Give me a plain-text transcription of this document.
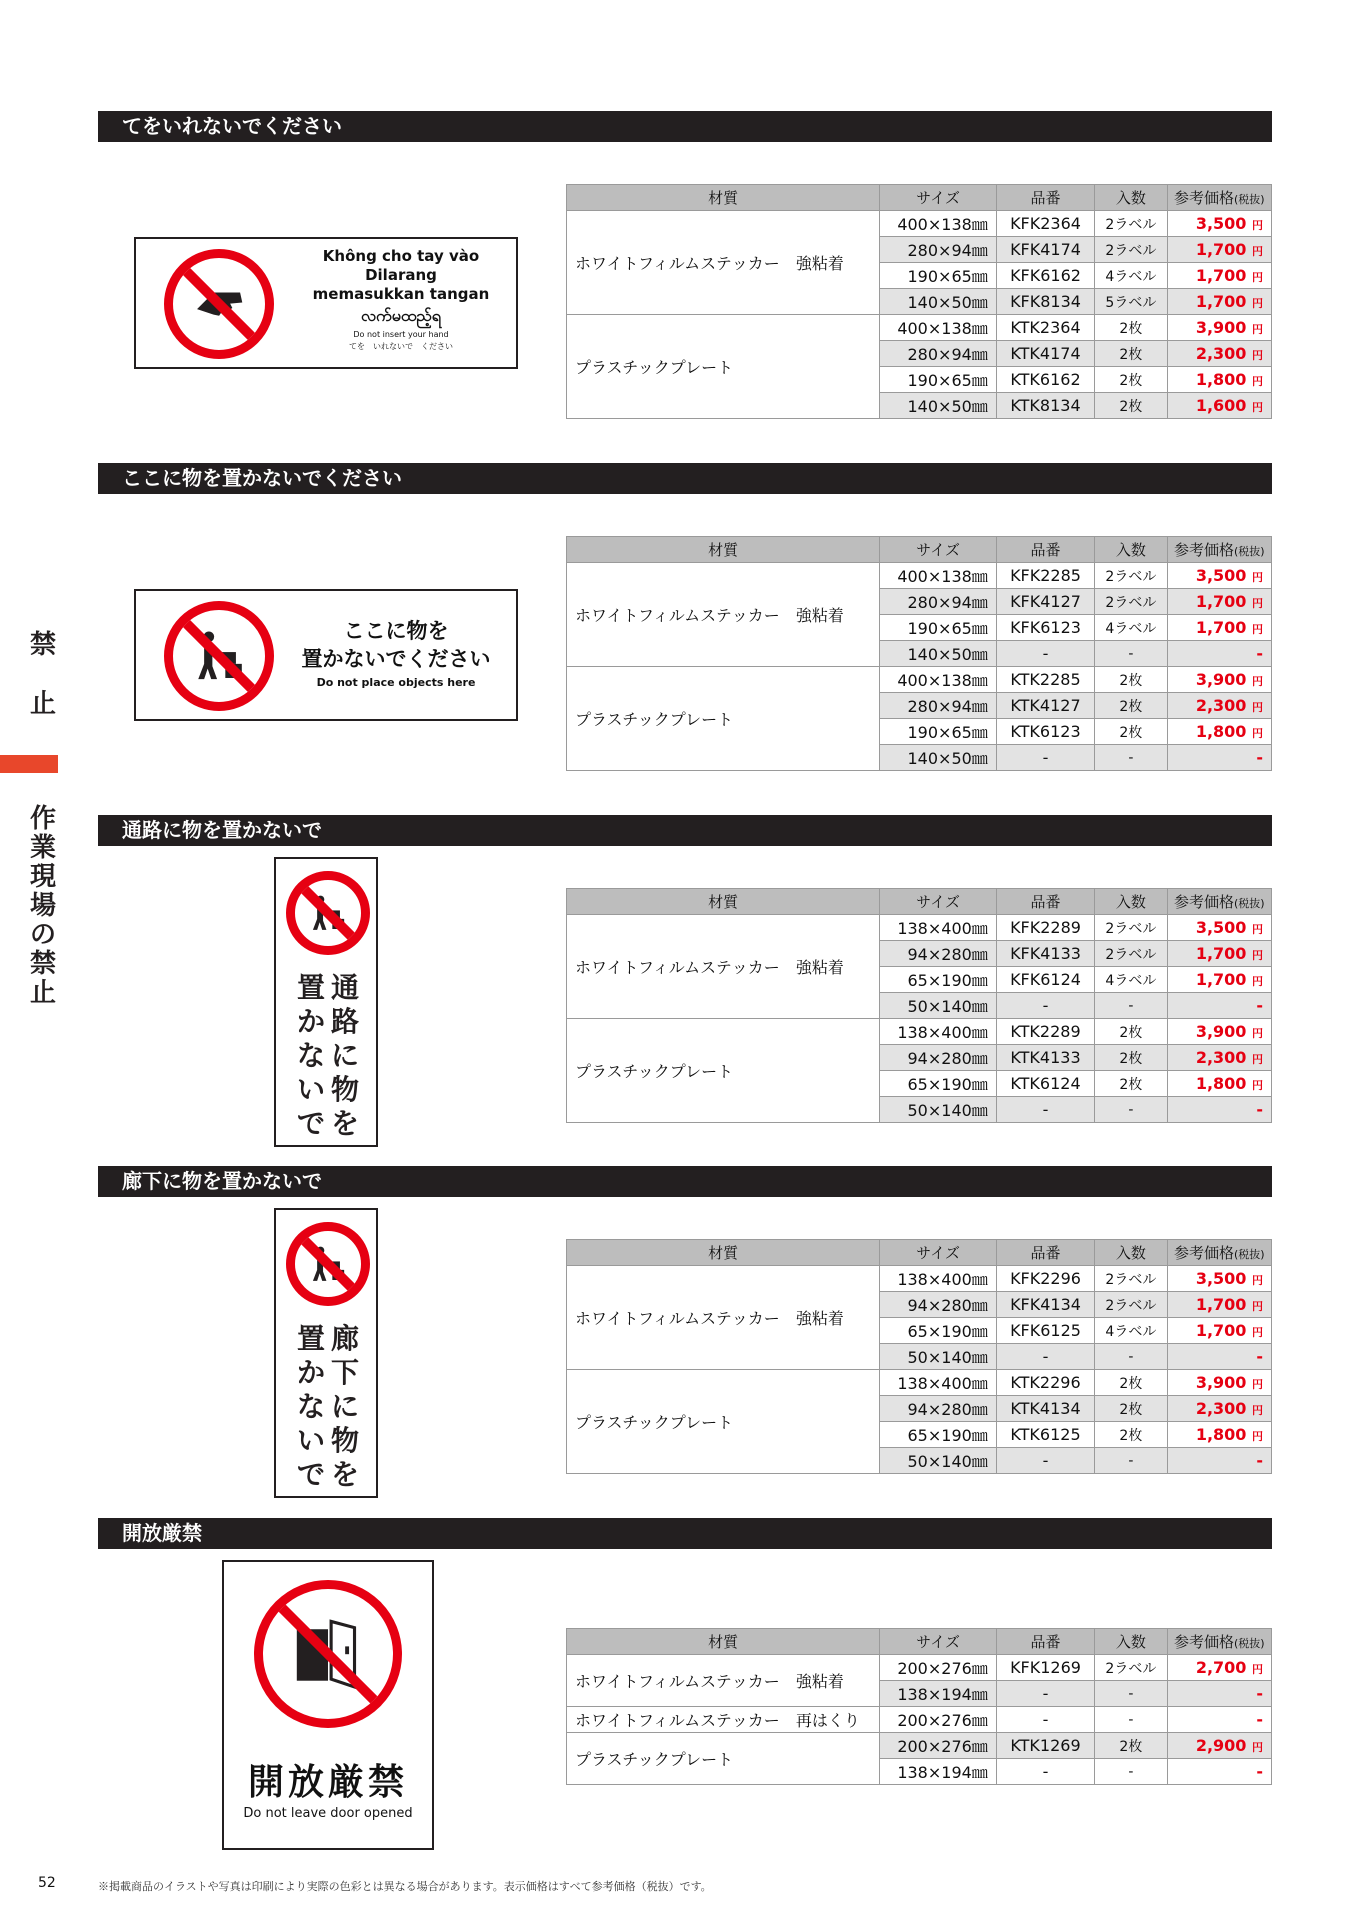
禁
止
作
業
現
場
の
禁
止
てをいれないでください
Không cho tay vào
Dilarang
memasukkan tangan
လက်မထည့်ရ
Do not insert your hand
てを　いれないで　ください
材質	サイズ	品番	入数	参考価格(税抜)
ホワイトフィルムステッカー 強粘着	400×138㎜	KFK2364	2ラベル	3,500 円
	280×94㎜	KFK4174	2ラベル	1,700 円
	190×65㎜	KFK6162	4ラベル	1,700 円
	140×50㎜	KFK8134	5ラベル	1,700 円
プラスチックプレート	400×138㎜	KTK2364	2枚	3,900 円
	280×94㎜	KTK4174	2枚	2,300 円
	190×65㎜	KTK6162	2枚	1,800 円
	140×50㎜	KTK8134	2枚	1,600 円
ここに物を置かないでください
ここに物を
置かないでください
Do not place objects here
材質	サイズ	品番	入数	参考価格(税抜)
ホワイトフィルムステッカー 強粘着	400×138㎜	KFK2285	2ラベル	3,500 円
	280×94㎜	KFK4127	2ラベル	1,700 円
	190×65㎜	KFK6123	4ラベル	1,700 円
	140×50㎜	-	-	-
プラスチックプレート	400×138㎜	KTK2285	2枚	3,900 円
	280×94㎜	KTK4127	2枚	2,300 円
	190×65㎜	KTK6123	2枚	1,800 円
	140×50㎜	-	-	-
通路に物を置かないで
通
路
に
物
を
置
か
な
い
で
材質	サイズ	品番	入数	参考価格(税抜)
ホワイトフィルムステッカー 強粘着	138×400㎜	KFK2289	2ラベル	3,500 円
	94×280㎜	KFK4133	2ラベル	1,700 円
	65×190㎜	KFK6124	4ラベル	1,700 円
	50×140㎜	-	-	-
プラスチックプレート	138×400㎜	KTK2289	2枚	3,900 円
	94×280㎜	KTK4133	2枚	2,300 円
	65×190㎜	KTK6124	2枚	1,800 円
	50×140㎜	-	-	-
廊下に物を置かないで
廊
下
に
物
を
置
か
な
い
で
材質	サイズ	品番	入数	参考価格(税抜)
ホワイトフィルムステッカー 強粘着	138×400㎜	KFK2296	2ラベル	3,500 円
	94×280㎜	KFK4134	2ラベル	1,700 円
	65×190㎜	KFK6125	4ラベル	1,700 円
	50×140㎜	-	-	-
プラスチックプレート	138×400㎜	KTK2296	2枚	3,900 円
	94×280㎜	KTK4134	2枚	2,300 円
	65×190㎜	KTK6125	2枚	1,800 円
	50×140㎜	-	-	-
開放厳禁
開放厳禁
Do not leave door opened
材質	サイズ	品番	入数	参考価格(税抜)
ホワイトフィルムステッカー 強粘着	200×276㎜	KFK1269	2ラベル	2,700 円
	138×194㎜	-	-	-
ホワイトフィルムステッカー 再はくり	200×276㎜	-	-	-
プラスチックプレート	200×276㎜	KTK1269	2枚	2,900 円
	138×194㎜	-	-	-
52	※掲載商品のイラストや写真は印刷により実際の色彩とは異なる場合があります。表示価格はすべて参考価格（税抜）です。
